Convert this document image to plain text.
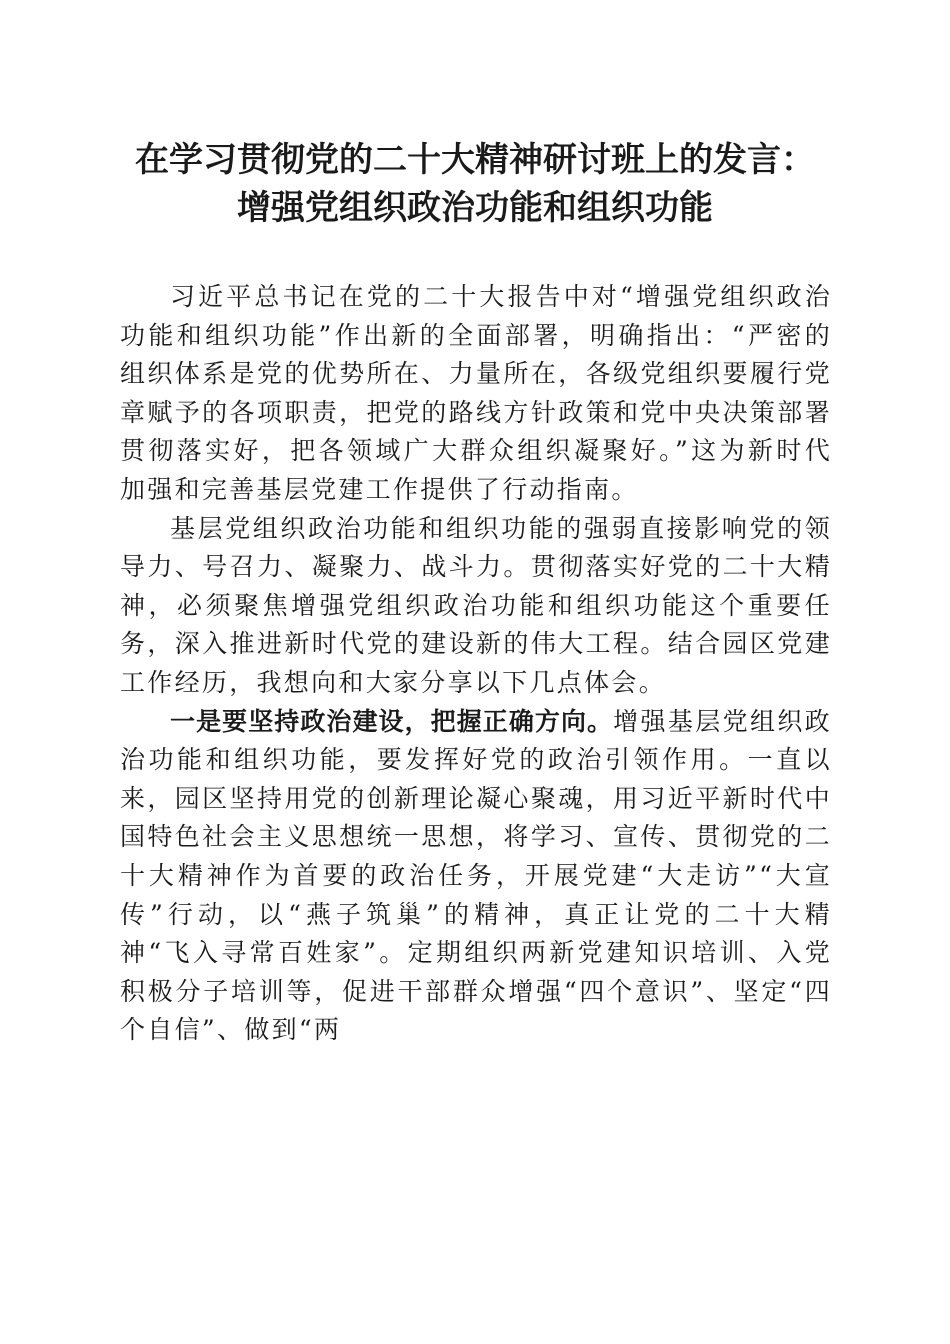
在学习贯彻党的二十大精神研讨班上的发言：
增强党组织政治功能和组织功能

习近平总书记在党的二十大报告中对“增强党组织政治功能和组织功能”作出新的全面部署，明确指出：“严密的组织体系是党的优势所在、力量所在，各级党组织要履行党章赋予的各项职责，把党的路线方针政策和党中央决策部署贯彻落实好，把各领域广大群众组织凝聚好。”这为新时代加强和完善基层党建工作提供了行动指南。

基层党组织政治功能和组织功能的强弱直接影响党的领导力、号召力、凝聚力、战斗力。贯彻落实好党的二十大精神，必须聚焦增强党组织政治功能和组织功能这个重要任务，深入推进新时代党的建设新的伟大工程。结合园区党建工作经历，我想向和大家分享以下几点体会。

一是要坚持政治建设，把握正确方向。增强基层党组织政治功能和组织功能，要发挥好党的政治引领作用。一直以来，园区坚持用党的创新理论凝心聚魂，用习近平新时代中国特色社会主义思想统一思想，将学习、宣传、贯彻党的二十大精神作为首要的政治任务，开展党建“大走访”“大宣传”行动，以“燕子筑巢”的精神，真正让党的二十大精神“飞入寻常百姓家”。定期组织两新党建知识培训、入党积极分子培训等，促进干部群众增强“四个意识”、坚定“四个自信”、做到“两
